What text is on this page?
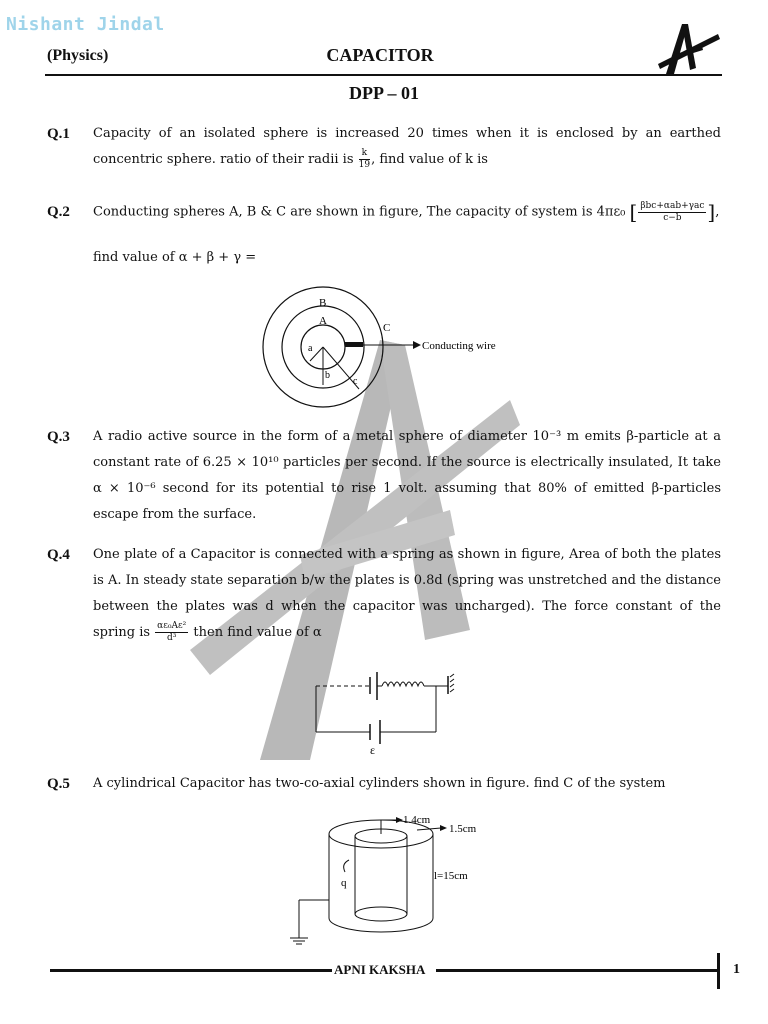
Nishant Jindal
(Physics)	CAPACITOR
DPP – 01
Q.1 Capacity of an isolated sphere is increased 20 times when it is enclosed by an earthed concentric sphere. ratio of their radii is $\frac{k}{19}$ , find value of k is
Q.2 Conducting spheres A, B & C are shown in figure, The capacity of system is 4πε₀ [ $\frac{\text{βbc+αab+γac}}{c-b}$ ],
find value of α + β + γ =
B
A
C
a
b
c
Conducting wire
Q.3 A radio active source in the form of a metal sphere of diameter 10⁻³ m emits β-particle at a constant rate of 6.25 × 10¹⁰ particles per second. If the source is electrically insulated, It take α × 10⁻⁶ second for its potential to rise 1 volt. assuming that 80% of emitted β-particles escape from the surface.
Q.4 One plate of a Capacitor is connected with a spring as shown in figure, Area of both the plates is A. In steady state separation b/w the plates is 0.8d (spring was unstretched and the distance between the plates was d when the capacitor was uncharged). The force constant of the spring is $\frac{\text{αε₀Aε²}}{\text{d³}}$ then find value of α
ε
Q.5 A cylindrical Capacitor has two-co-axial cylinders shown in figure. find C of the system
1.4cm
1.5cm
l=15cm
q
APNI KAKSHA	1
